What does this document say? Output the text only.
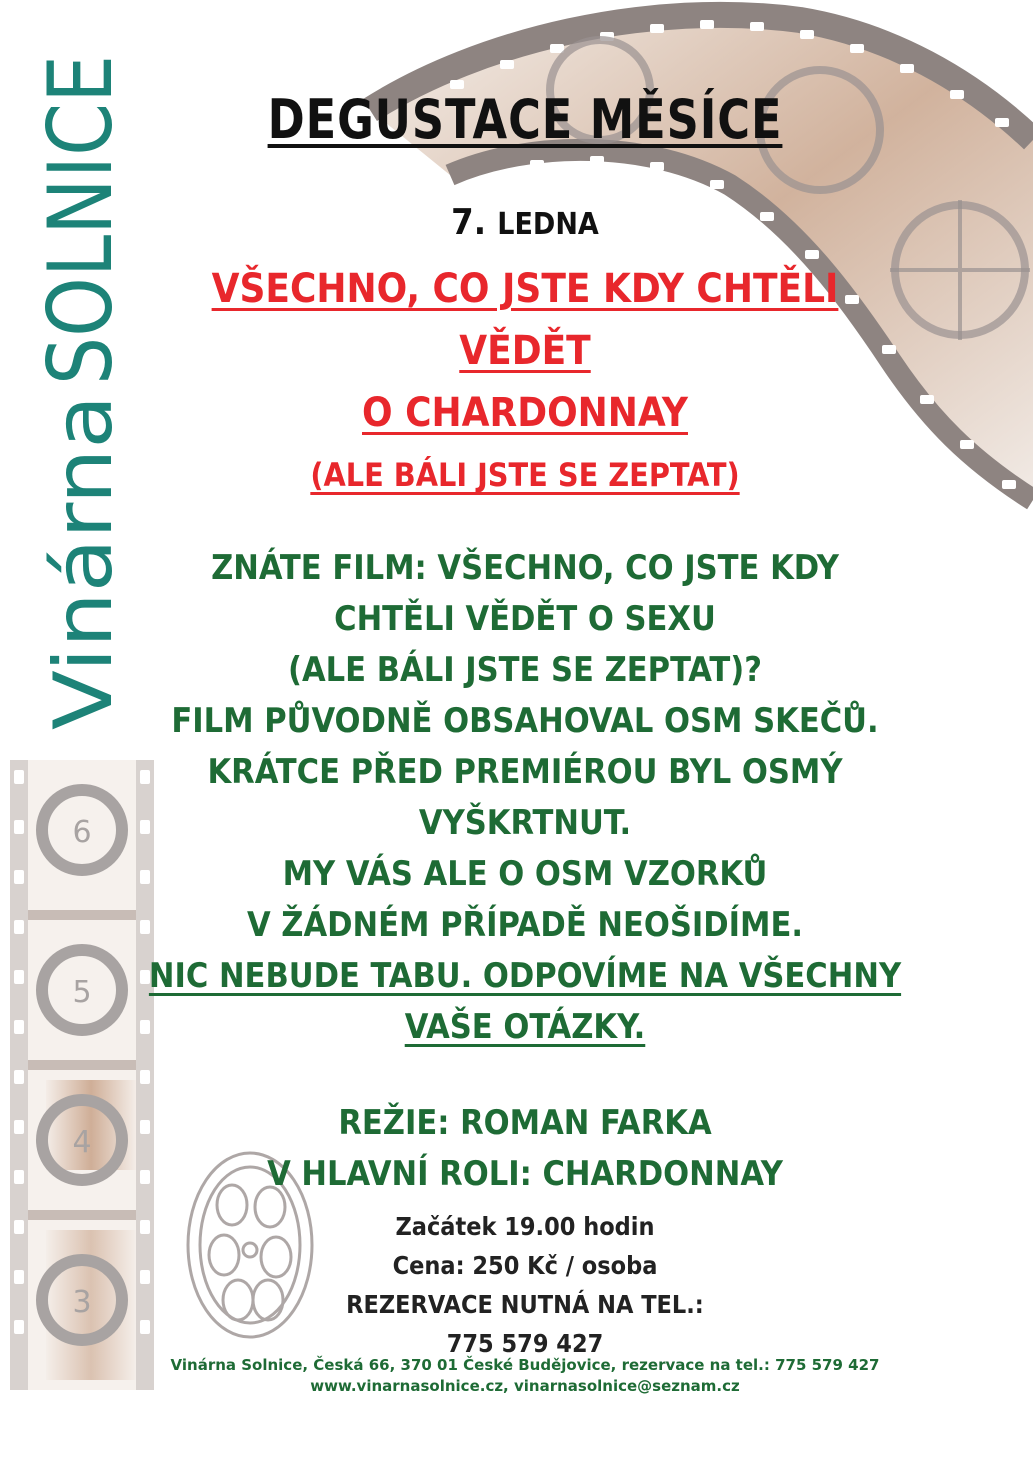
6
5
4
3
Vinárna
SOLNICE	DEGUSTACE MĚSÍCE
7. LEDNA
VŠECHNO, CO JSTE KDY CHTĚLI
VĚDĚT
O CHARDONNAY
(ALE BÁLI JSTE SE ZEPTAT)
ZNÁTE FILM: VŠECHNO, CO JSTE KDY
CHTĚLI VĚDĚT O SEXU
(ALE BÁLI JSTE SE ZEPTAT)?
FILM PŮVODNĚ OBSAHOVAL OSM SKEČŮ.
KRÁTCE PŘED PREMIÉROU BYL OSMÝ
VYŠKRTNUT.
MY VÁS ALE O OSM VZORKŮ
V ŽÁDNÉM PŘÍPADĚ NEOŠIDÍME.
NIC NEBUDE TABU. ODPOVÍME NA VŠECHNY
VAŠE OTÁZKY.
REŽIE: ROMAN FARKA
V HLAVNÍ ROLI: CHARDONNAY
Začátek 19.00 hodin
Cena: 250 Kč / osoba
REZERVACE NUTNÁ NA TEL.:
775 579 427
Vinárna Solnice, Česká 66, 370 01 České Budějovice, rezervace na tel.: 775 579 427
www.vinarnasolnice.cz, vinarnasolnice@seznam.cz
